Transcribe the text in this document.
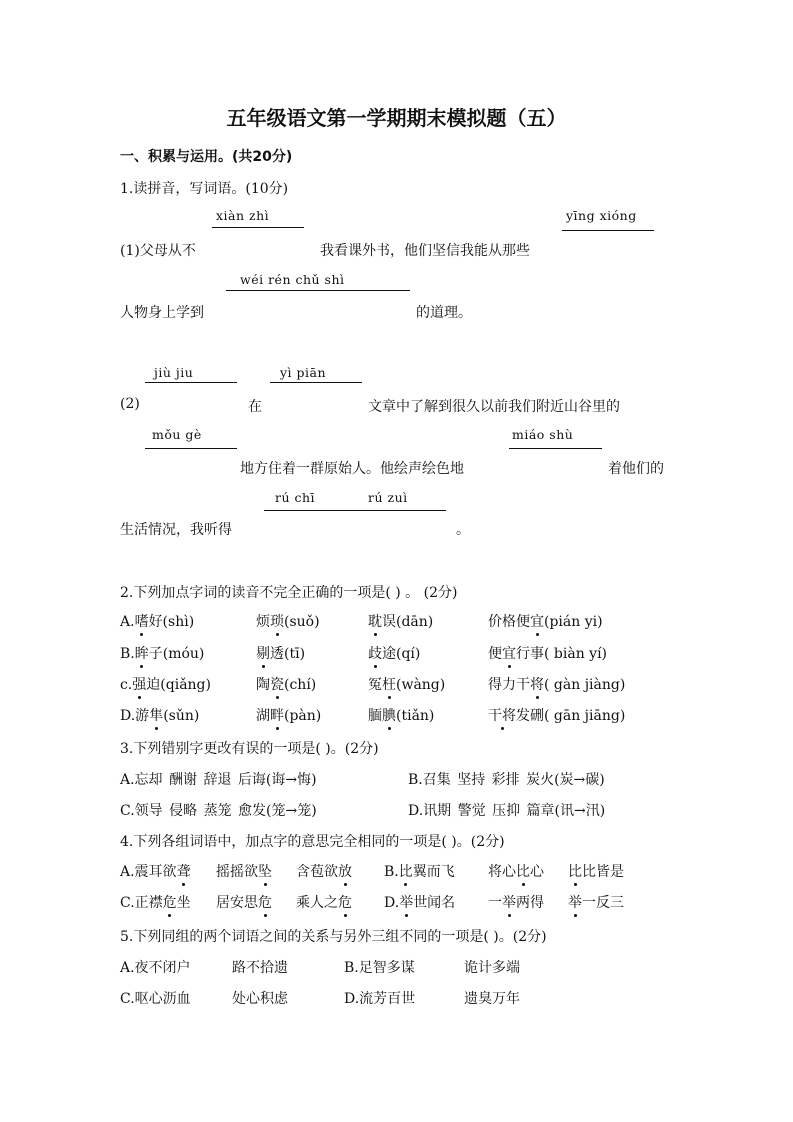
五年级语文第一学期期末模拟题（五）
一、积累与运用。(共20分)
1.读拼音，写词语。(10分)
xiàn zhì	yīng xióng
(1)父母从不	我看课外书，他们坚信我能从那些
wéi rén chǔ shì
人物身上学到	的道理。
jiù jiu	yì piān
(2)	在	文章中了解到很久以前我们附近山谷里的
mǒu gè	miáo shù
地方住着一群原始人。他绘声绘色地	着他们的
rú chī	rú zuì
生活情况，我听得	。
2.下列加点字词的读音不完全正确的一项是( ) 。 (2分)
A.嗜好(shì)	烦琐(suǒ)	耽误(dān)	价格便宜(pián yi)
B.眸子(móu)	剔透(tī)	歧途(qí)	便宜行事( biàn yí)
c.强迫(qiǎng)	陶瓷(chí)	冤枉(wàng)	得力干将( gàn jiàng)
D.游隼(sǔn)	湖畔(pàn)	腼腆(tiǎn)	干将发硎( gān jiāng)
3.下列错别字更改有误的一项是( )。(2分)
A.忘却 酬谢 辞退 后诲(诲→悔)	B.召集 坚持 彩排 炭火(炭→碳)
C.领导 侵略 蒸笼 愈发(笼→笼)	D.讯期 警觉 压抑 篇章(讯→汛)
4.下列各组词语中，加点字的意思完全相同的一项是( )。(2分)
A.震耳欲聋 摇摇欲坠 含苞欲放 B.比翼而飞 将心比心 比比皆是
C.正襟危坐 居安思危 乘人之危 D.举世闻名 一举两得 举一反三
5.下列同组的两个词语之间的关系与另外三组不同的一项是( )。(2分)
A.夜不闭户	路不拾遗	B.足智多谋	诡计多端
C.呕心沥血	处心积虑	D.流芳百世	遗臭万年
